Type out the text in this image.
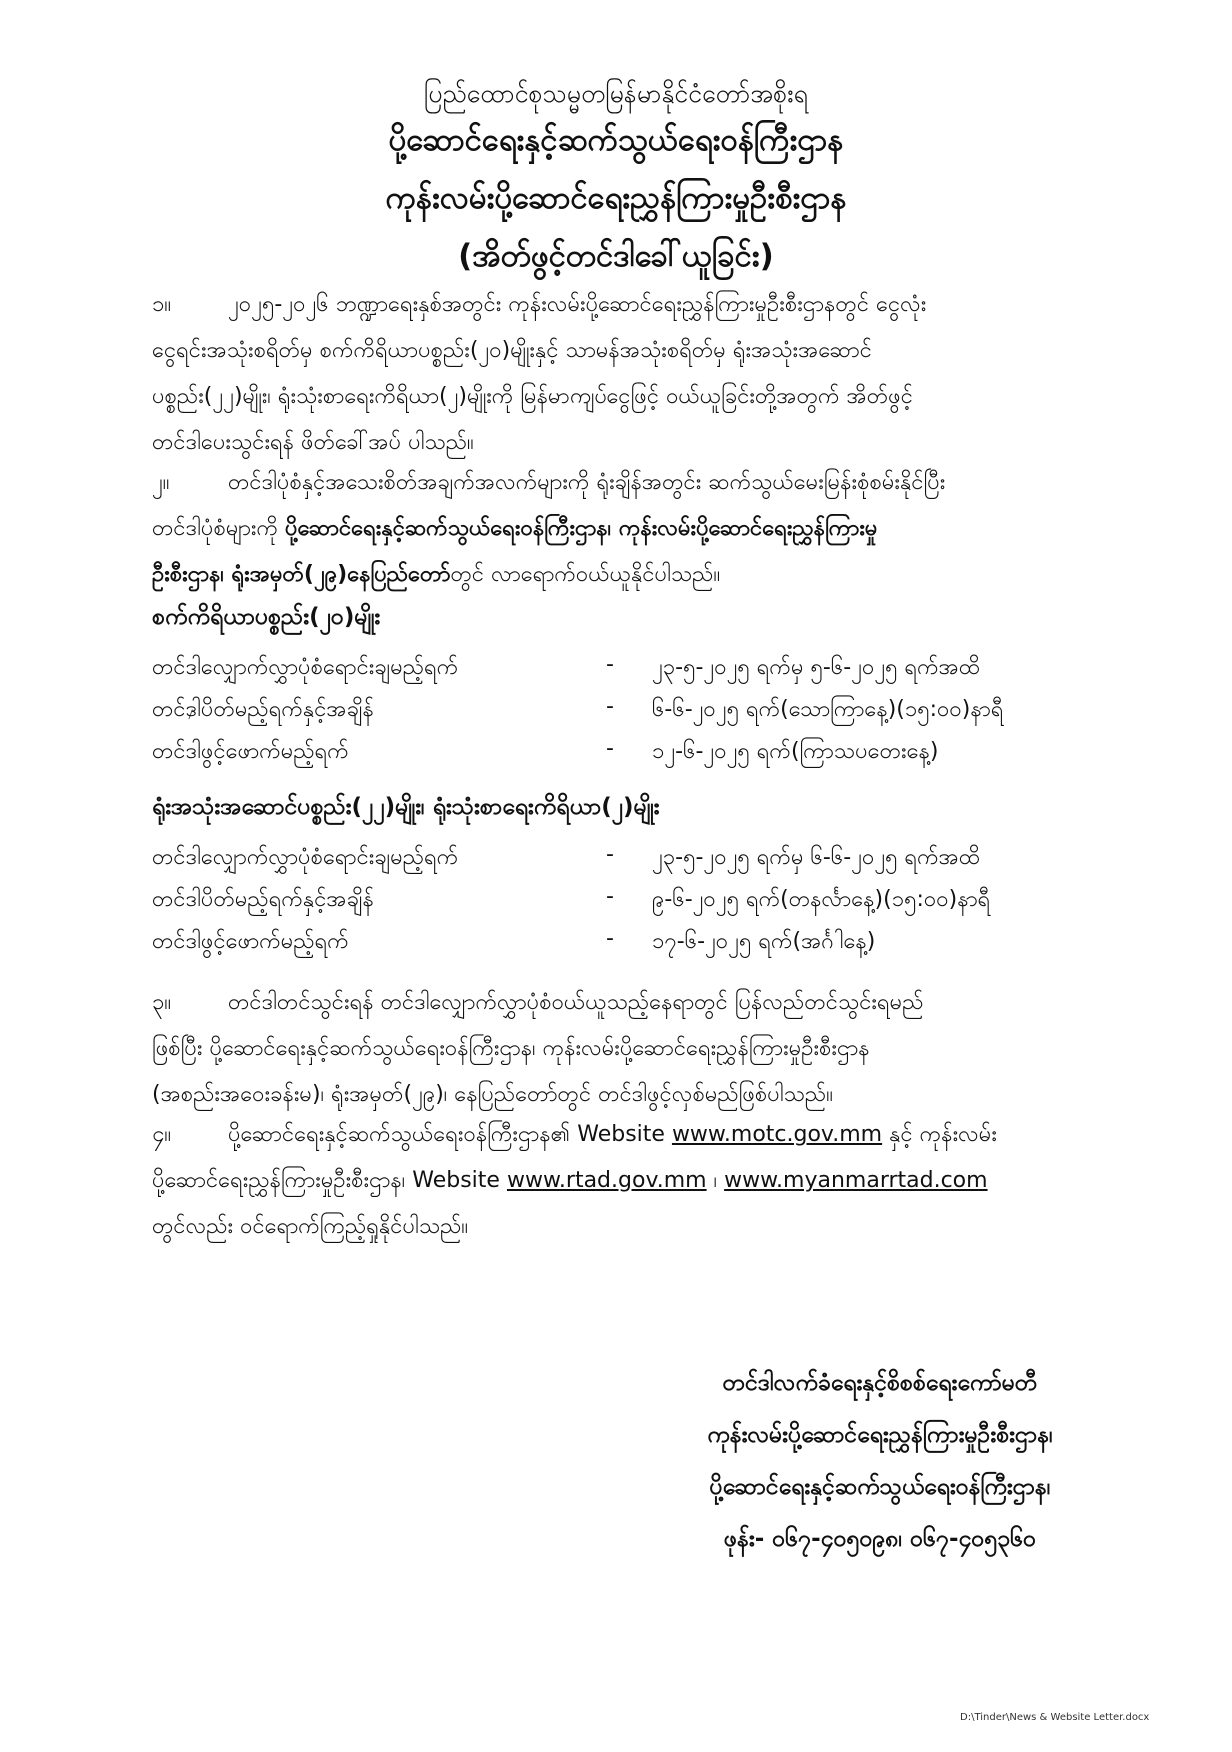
ပြည်ထောင်စုသမ္မတမြန်မာနိုင်ငံတော်အစိုးရ
ပို့ဆောင်ရေးနှင့်ဆက်သွယ်ရေးဝန်ကြီးဌာန
ကုန်းလမ်းပို့ဆောင်ရေးညွှန်ကြားမှုဦးစီးဌာန
(အိတ်ဖွင့်တင်ဒါခေါ်ယူခြင်း)
၁။	၂၀၂၅-၂၀၂၆ ဘဏ္ဍာရေးနှစ်အတွင်း ကုန်းလမ်းပို့ဆောင်ရေးညွှန်ကြားမှုဦးစီးဌာနတွင် ငွေလုံး
ငွေရင်းအသုံးစရိတ်မှ စက်ကိရိယာပစ္စည်း(၂၀)မျိုးနှင့် သာမန်အသုံးစရိတ်မှ ရုံးအသုံးအဆောင်
ပစ္စည်း(၂၂)မျိုး၊ ရုံးသုံးစာရေးကိရိယာ(၂)မျိုးကို မြန်မာကျပ်ငွေဖြင့် ဝယ်ယူခြင်းတို့အတွက် အိတ်ဖွင့်
တင်ဒါပေးသွင်းရန် ဖိတ်ခေါ်အပ် ပါသည်။
၂။	တင်ဒါပုံစံနှင့်အသေးစိတ်အချက်အလက်များကို ရုံးချိန်အတွင်း ဆက်သွယ်မေးမြန်းစုံစမ်းနိုင်ပြီး
တင်ဒါပုံစံများကို ပို့ဆောင်ရေးနှင့်ဆက်သွယ်ရေးဝန်ကြီးဌာန၊ ကုန်းလမ်းပို့ဆောင်ရေးညွှန်ကြားမှု
ဦးစီးဌာန၊ ရုံးအမှတ်(၂၉)နေပြည်တော်တွင် လာရောက်ဝယ်ယူနိုင်ပါသည်။
စက်ကိရိယာပစ္စည်း(၂၀)မျိုး
တင်ဒါလျှောက်လွှာပုံစံရောင်းချမည့်ရက်	- ၂၃-၅-၂၀၂၅ ရက်မှ ၅-၆-၂၀၂၅ ရက်အထိ
တင်ဒါပိတ်မည့်ရက်နှင့်အချိန်	- ၆-၆-၂၀၂၅ ရက်(သောကြာနေ့)(၁၅:၀၀)နာရီ
တင်ဒါဖွင့်ဖောက်မည့်ရက်	- ၁၂-၆-၂၀၂၅ ရက်(ကြာသပတေးနေ့)
ရုံးအသုံးအဆောင်ပစ္စည်း(၂၂)မျိုး၊ ရုံးသုံးစာရေးကိရိယာ(၂)မျိုး
တင်ဒါလျှောက်လွှာပုံစံရောင်းချမည့်ရက်	- ၂၃-၅-၂၀၂၅ ရက်မှ ၆-၆-၂၀၂၅ ရက်အထိ
တင်ဒါပိတ်မည့်ရက်နှင့်အချိန်	- ၉-၆-၂၀၂၅ ရက်(တနင်္လာနေ့)(၁၅:၀၀)နာရီ
တင်ဒါဖွင့်ဖောက်မည့်ရက်	- ၁၇-၆-၂၀၂၅ ရက်(အင်္ဂါနေ့)
၃။	တင်ဒါတင်သွင်းရန် တင်ဒါလျှောက်လွှာပုံစံဝယ်ယူသည့်နေရာတွင် ပြန်လည်တင်သွင်းရမည်
ဖြစ်ပြီး ပို့ဆောင်ရေးနှင့်ဆက်သွယ်ရေးဝန်ကြီးဌာန၊ ကုန်းလမ်းပို့ဆောင်ရေးညွှန်ကြားမှုဦးစီးဌာန
(အစည်းအဝေးခန်းမ)၊ ရုံးအမှတ်(၂၉)၊ နေပြည်တော်တွင် တင်ဒါဖွင့်လှစ်မည်ဖြစ်ပါသည်။
၄။	ပို့ဆောင်ရေးနှင့်ဆက်သွယ်ရေးဝန်ကြီးဌာန၏ Website www.motc.gov.mm နှင့် ကုန်းလမ်း
ပို့ဆောင်ရေးညွှန်ကြားမှုဦးစီးဌာန၊ Website www.rtad.gov.mm ၊ www.myanmarrtad.com
တွင်လည်း ဝင်ရောက်ကြည့်ရှုနိုင်ပါသည်။
တင်ဒါလက်ခံရေးနှင့်စိစစ်ရေးကော်မတီ
ကုန်းလမ်းပို့ဆောင်ရေးညွှန်ကြားမှုဦးစီးဌာန၊
ပို့ဆောင်ရေးနှင့်ဆက်သွယ်ရေးဝန်ကြီးဌာန၊
ဖုန်း- ၀၆၇-၄၀၅၀၉၈၊ ၀၆၇-၄၀၅၃၆၀
D:\Tinder\News & Website Letter.docx
